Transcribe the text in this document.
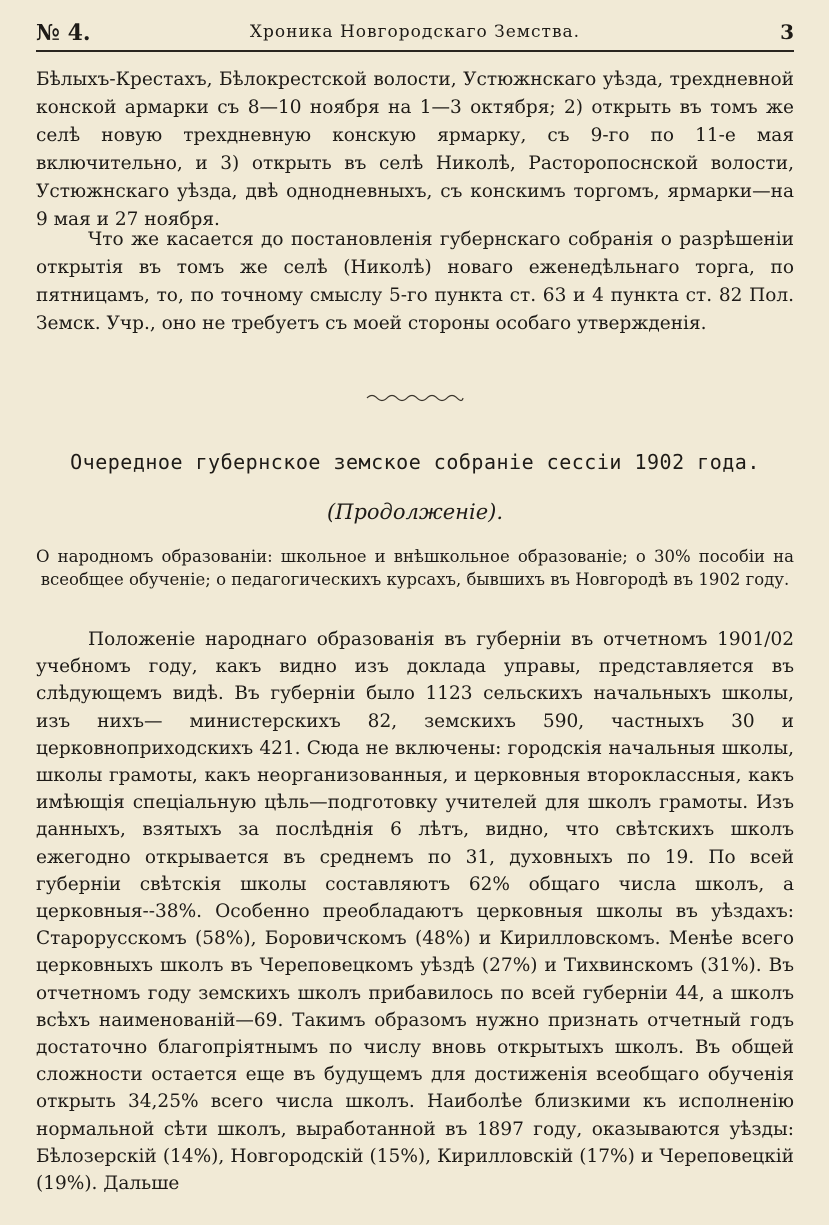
№ 4.	Хроника Новгородскаго Земства.	3
Бѣлыхъ-Крестахъ, Бѣлокрестской волости, Устюжнскаго уѣзда, трехдневной конской армарки съ 8—10 ноября на 1—3 октября; 2) открыть въ томъ же селѣ новую трехдневную конскую ярмарку, съ 9-го по 11-е мая включительно, и 3) открыть въ селѣ Николѣ, Расторопоснской волости, Устюжнскаго уѣзда, двѣ однодневныхъ, съ конскимъ торгомъ, ярмарки—на 9 мая и 27 ноября.
Что же касается до постановленія губернскаго собранія о разрѣшеніи открытія въ томъ же селѣ (Николѣ) новаго еженедѣльнаго торга, по пятницамъ, то, по точному смыслу 5-го пункта ст. 63 и 4 пункта ст. 82 Пол. Земск. Учр., оно не требуетъ съ моей стороны особаго утвержденія.
Очередное губернское земское собраніе сессіи 1902 года.
(Продолженіе).
О народномъ образованіи: школьное и внѣшкольное образованіе; о 30% пособіи на всеобщее обученіе; о педагогическихъ курсахъ, бывшихъ въ Новгородѣ въ 1902 году.
Положеніе народнаго образованія въ губерніи въ отчетномъ 1901/02 учебномъ году, какъ видно изъ доклада управы, представляется въ слѣдующемъ видѣ. Въ губерніи было 1123 сельскихъ начальныхъ школы, изъ нихъ— министерскихъ 82, земскихъ 590, частныхъ 30 и церковноприходскихъ 421. Сюда не включены: городскія начальныя школы, школы грамоты, какъ неорганизованныя, и церковныя второклассныя, какъ имѣющія спеціальную цѣль—подготовку учителей для школъ грамоты. Изъ данныхъ, взятыхъ за послѣднія 6 лѣтъ, видно, что свѣтскихъ школъ ежегодно открывается въ среднемъ по 31, духовныхъ по 19. По всей губерніи свѣтскія школы составляютъ 62% общаго числа школъ, а церковныя--38%. Особенно преобладаютъ церковныя школы въ уѣздахъ: Старорусскомъ (58%), Боровичскомъ (48%) и Кирилловскомъ. Менѣе всего церковныхъ школъ въ Череповецкомъ уѣздѣ (27%) и Тихвинскомъ (31%). Въ отчетномъ году земскихъ школъ прибавилось по всей губерніи 44, а школъ всѣхъ наименованій—69. Такимъ образомъ нужно признать отчетный годъ достаточно благопріятнымъ по числу вновь открытыхъ школъ. Въ общей сложности остается еще въ будущемъ для достиженія всеобщаго обученія открыть 34,25% всего числа школъ. Наиболѣе близкими къ исполненію нормальной сѣти школъ, выработанной въ 1897 году, оказываются уѣзды: Бѣлозерскій (14%), Новгородскій (15%), Кирилловскій (17%) и Череповецкій (19%). Дальше
